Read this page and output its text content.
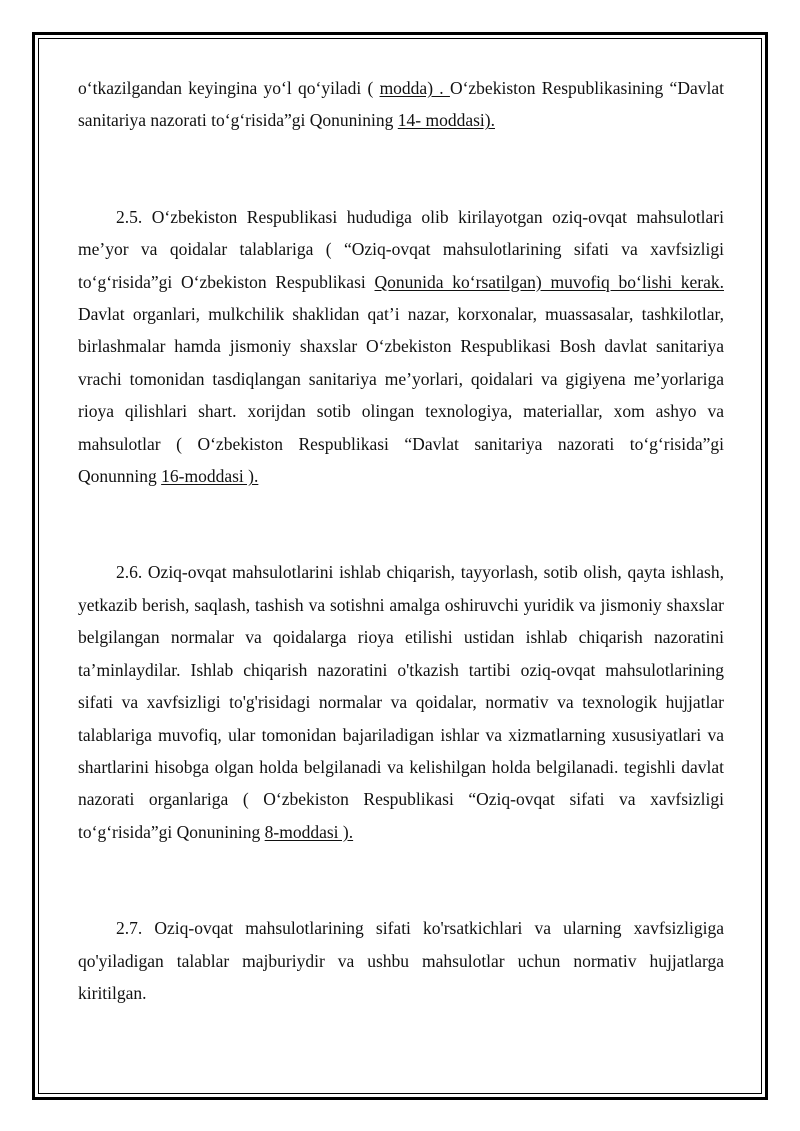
o‘tkazilgandan keyingina yo‘l qo‘yiladi ( modda) . O‘zbekiston Respublikasining “Davlat sanitariya nazorati to‘g‘risida”gi Qonunining 14- moddasi).

2.5. O‘zbekiston Respublikasi hududiga olib kirilayotgan oziq-ovqat mahsulotlari me’yor va qoidalar talablariga ( “Oziq-ovqat mahsulotlarining sifati va xavfsizligi to‘g‘risida”gi O‘zbekiston Respublikasi Qonunida ko‘rsatilgan) muvofiq bo‘lishi kerak. Davlat organlari, mulkchilik shaklidan qat’i nazar, korxonalar, muassasalar, tashkilotlar, birlashmalar hamda jismoniy shaxslar O‘zbekiston Respublikasi Bosh davlat sanitariya vrachi tomonidan tasdiqlangan sanitariya me’yorlari, qoidalari va gigiyena me’yorlariga rioya qilishlari shart. xorijdan sotib olingan texnologiya, materiallar, xom ashyo va mahsulotlar ( O‘zbekiston Respublikasi “Davlat sanitariya nazorati to‘g‘risida”gi Qonunning 16-moddasi ).

2.6. Oziq-ovqat mahsulotlarini ishlab chiqarish, tayyorlash, sotib olish, qayta ishlash, yetkazib berish, saqlash, tashish va sotishni amalga oshiruvchi yuridik va jismoniy shaxslar belgilangan normalar va qoidalarga rioya etilishi ustidan ishlab chiqarish nazoratini ta’minlaydilar. Ishlab chiqarish nazoratini o'tkazish tartibi oziq-ovqat mahsulotlarining sifati va xavfsizligi to'g'risidagi normalar va qoidalar, normativ va texnologik hujjatlar talablariga muvofiq, ular tomonidan bajariladigan ishlar va xizmatlarning xususiyatlari va shartlarini hisobga olgan holda belgilanadi va kelishilgan holda belgilanadi. tegishli davlat nazorati organlariga ( O‘zbekiston Respublikasi “Oziq-ovqat sifati va xavfsizligi to‘g‘risida”gi Qonunining 8-moddasi ).

2.7. Oziq-ovqat mahsulotlarining sifati ko'rsatkichlari va ularning xavfsizligiga qo'yiladigan talablar majburiydir va ushbu mahsulotlar uchun normativ hujjatlarga kiritilgan.
